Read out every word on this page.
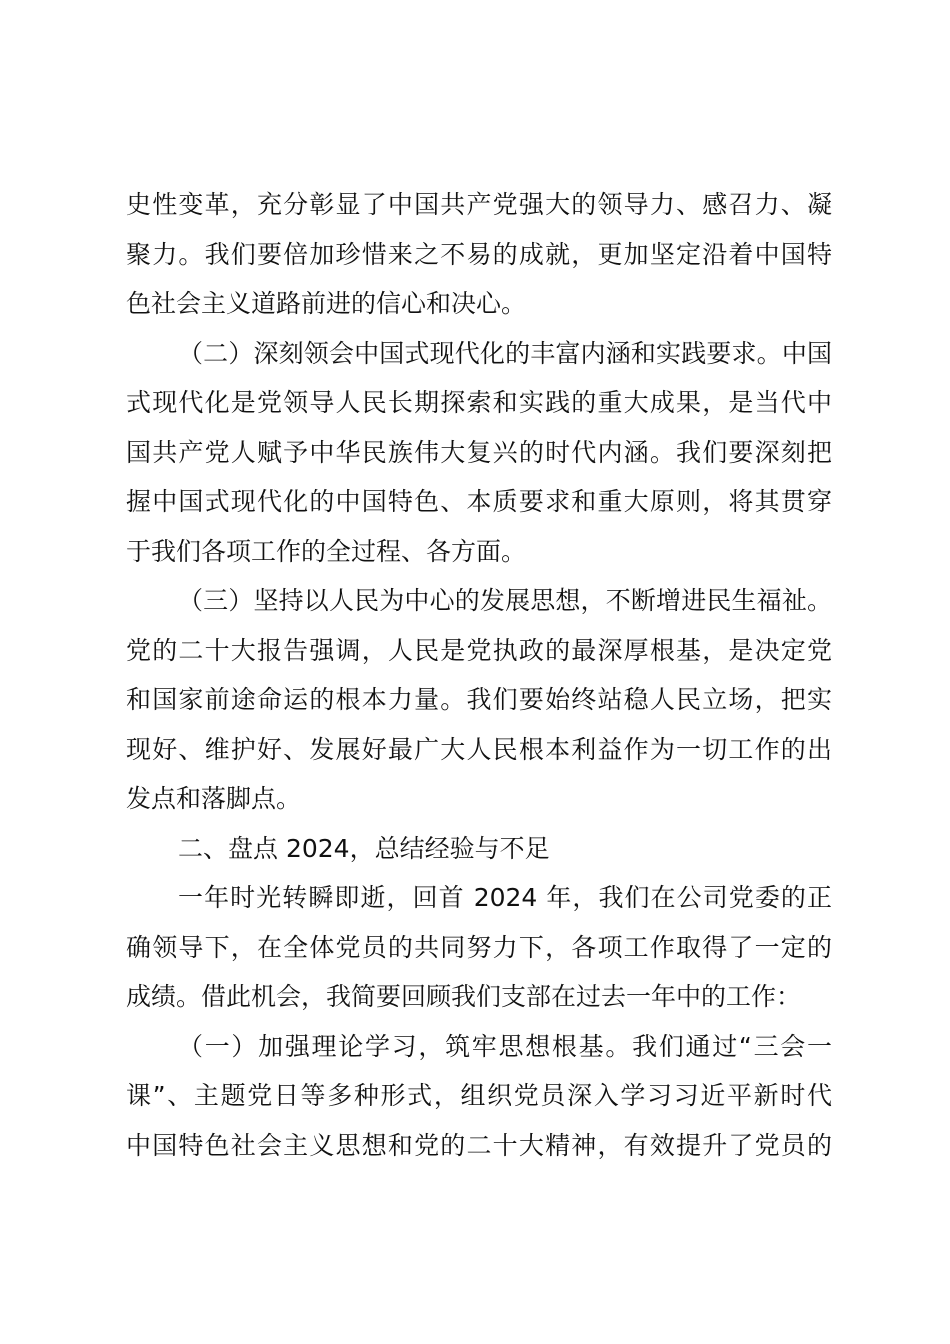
史性变革，充分彰显了中国共产党强大的领导力、感召力、凝
聚力。我们要倍加珍惜来之不易的成就，更加坚定沿着中国特
色社会主义道路前进的信心和决心。
（二）深刻领会中国式现代化的丰富内涵和实践要求。中国
式现代化是党领导人民长期探索和实践的重大成果，是当代中
国共产党人赋予中华民族伟大复兴的时代内涵。我们要深刻把
握中国式现代化的中国特色、本质要求和重大原则，将其贯穿
于我们各项工作的全过程、各方面。
（三）坚持以人民为中心的发展思想，不断增进民生福祉。
党的二十大报告强调，人民是党执政的最深厚根基，是决定党
和国家前途命运的根本力量。我们要始终站稳人民立场，把实
现好、维护好、发展好最广大人民根本利益作为一切工作的出
发点和落脚点。
二、盘点 2024，总结经验与不足
一年时光转瞬即逝，回首 2024 年，我们在公司党委的正
确领导下，在全体党员的共同努力下，各项工作取得了一定的
成绩。借此机会，我简要回顾我们支部在过去一年中的工作：
（一）加强理论学习，筑牢思想根基。我们通过“三会一
课”、主题党日等多种形式，组织党员深入学习习近平新时代
中国特色社会主义思想和党的二十大精神，有效提升了党员的
